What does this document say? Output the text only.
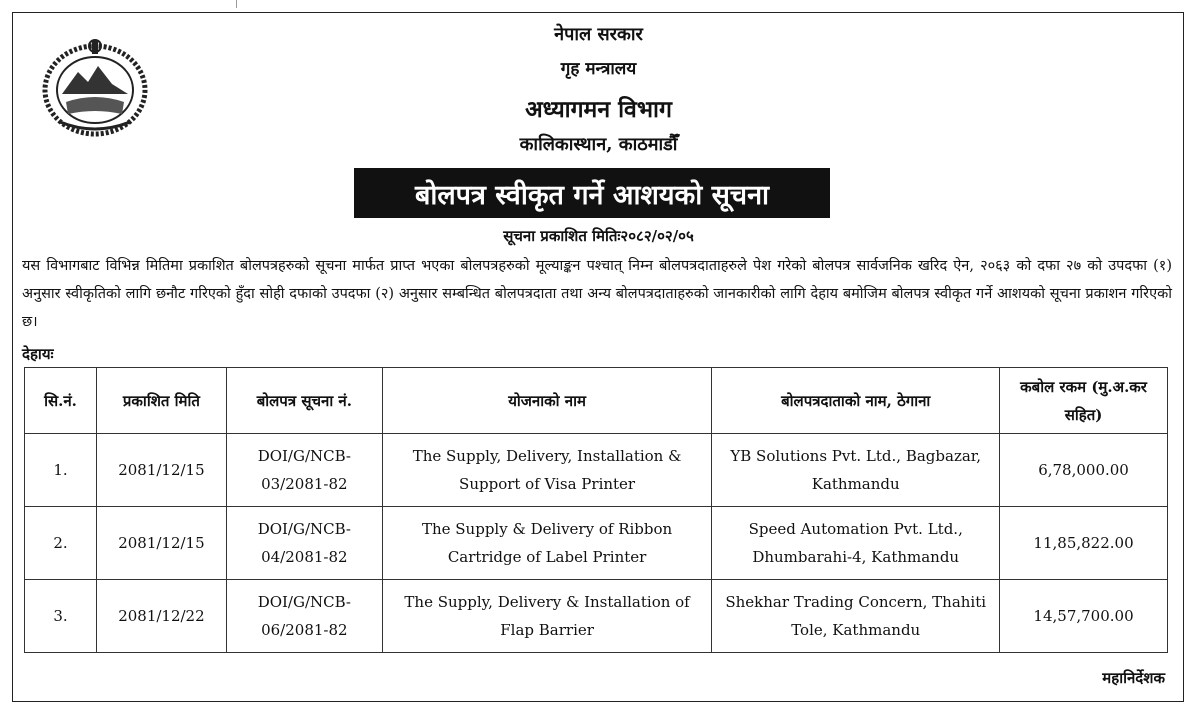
नेपाल सरकार
गृह मन्त्रालय
अध्यागमन विभाग
कालिकास्थान, काठमाडौँ
बोलपत्र स्वीकृत गर्ने आशयको सूचना
सूचना प्रकाशित मितिः२०८२/०२/०५
यस विभागबाट विभिन्न मितिमा प्रकाशित बोलपत्रहरुको सूचना मार्फत प्राप्त भएका बोलपत्रहरुको मूल्याङ्कन पश्चात् निम्न बोलपत्रदाताहरुले पेश गरेको बोलपत्र सार्वजनिक खरिद ऐन, २०६३ को दफा २७ को उपदफा (१) अनुसार स्वीकृतिको लागि छनौट गरिएको हुँदा सोही दफाको उपदफा (२) अनुसार सम्बन्धित बोलपत्रदाता तथा अन्य बोलपत्रदाताहरुको जानकारीको लागि देहाय बमोजिम बोलपत्र स्वीकृत गर्ने आशयको सूचना प्रकाशन गरिएको छ।
देहायः
सि.नं.	प्रकाशित मिति	बोलपत्र सूचना नं.	योजनाको नाम	बोलपत्रदाताको नाम, ठेगाना	कबोल रकम (मु.अ.कर सहित)
1.	2081/12/15	DOI/G/NCB-03/2081-82	The Supply, Delivery, Installation & Support of Visa Printer	YB Solutions Pvt. Ltd., Bagbazar, Kathmandu	6,78,000.00
2.	2081/12/15	DOI/G/NCB-04/2081-82	The Supply & Delivery of Ribbon Cartridge of Label Printer	Speed Automation Pvt. Ltd., Dhumbarahi-4, Kathmandu	11,85,822.00
3.	2081/12/22	DOI/G/NCB-06/2081-82	The Supply, Delivery & Installation of Flap Barrier	Shekhar Trading Concern, Thahiti Tole, Kathmandu	14,57,700.00
महानिर्देशक
